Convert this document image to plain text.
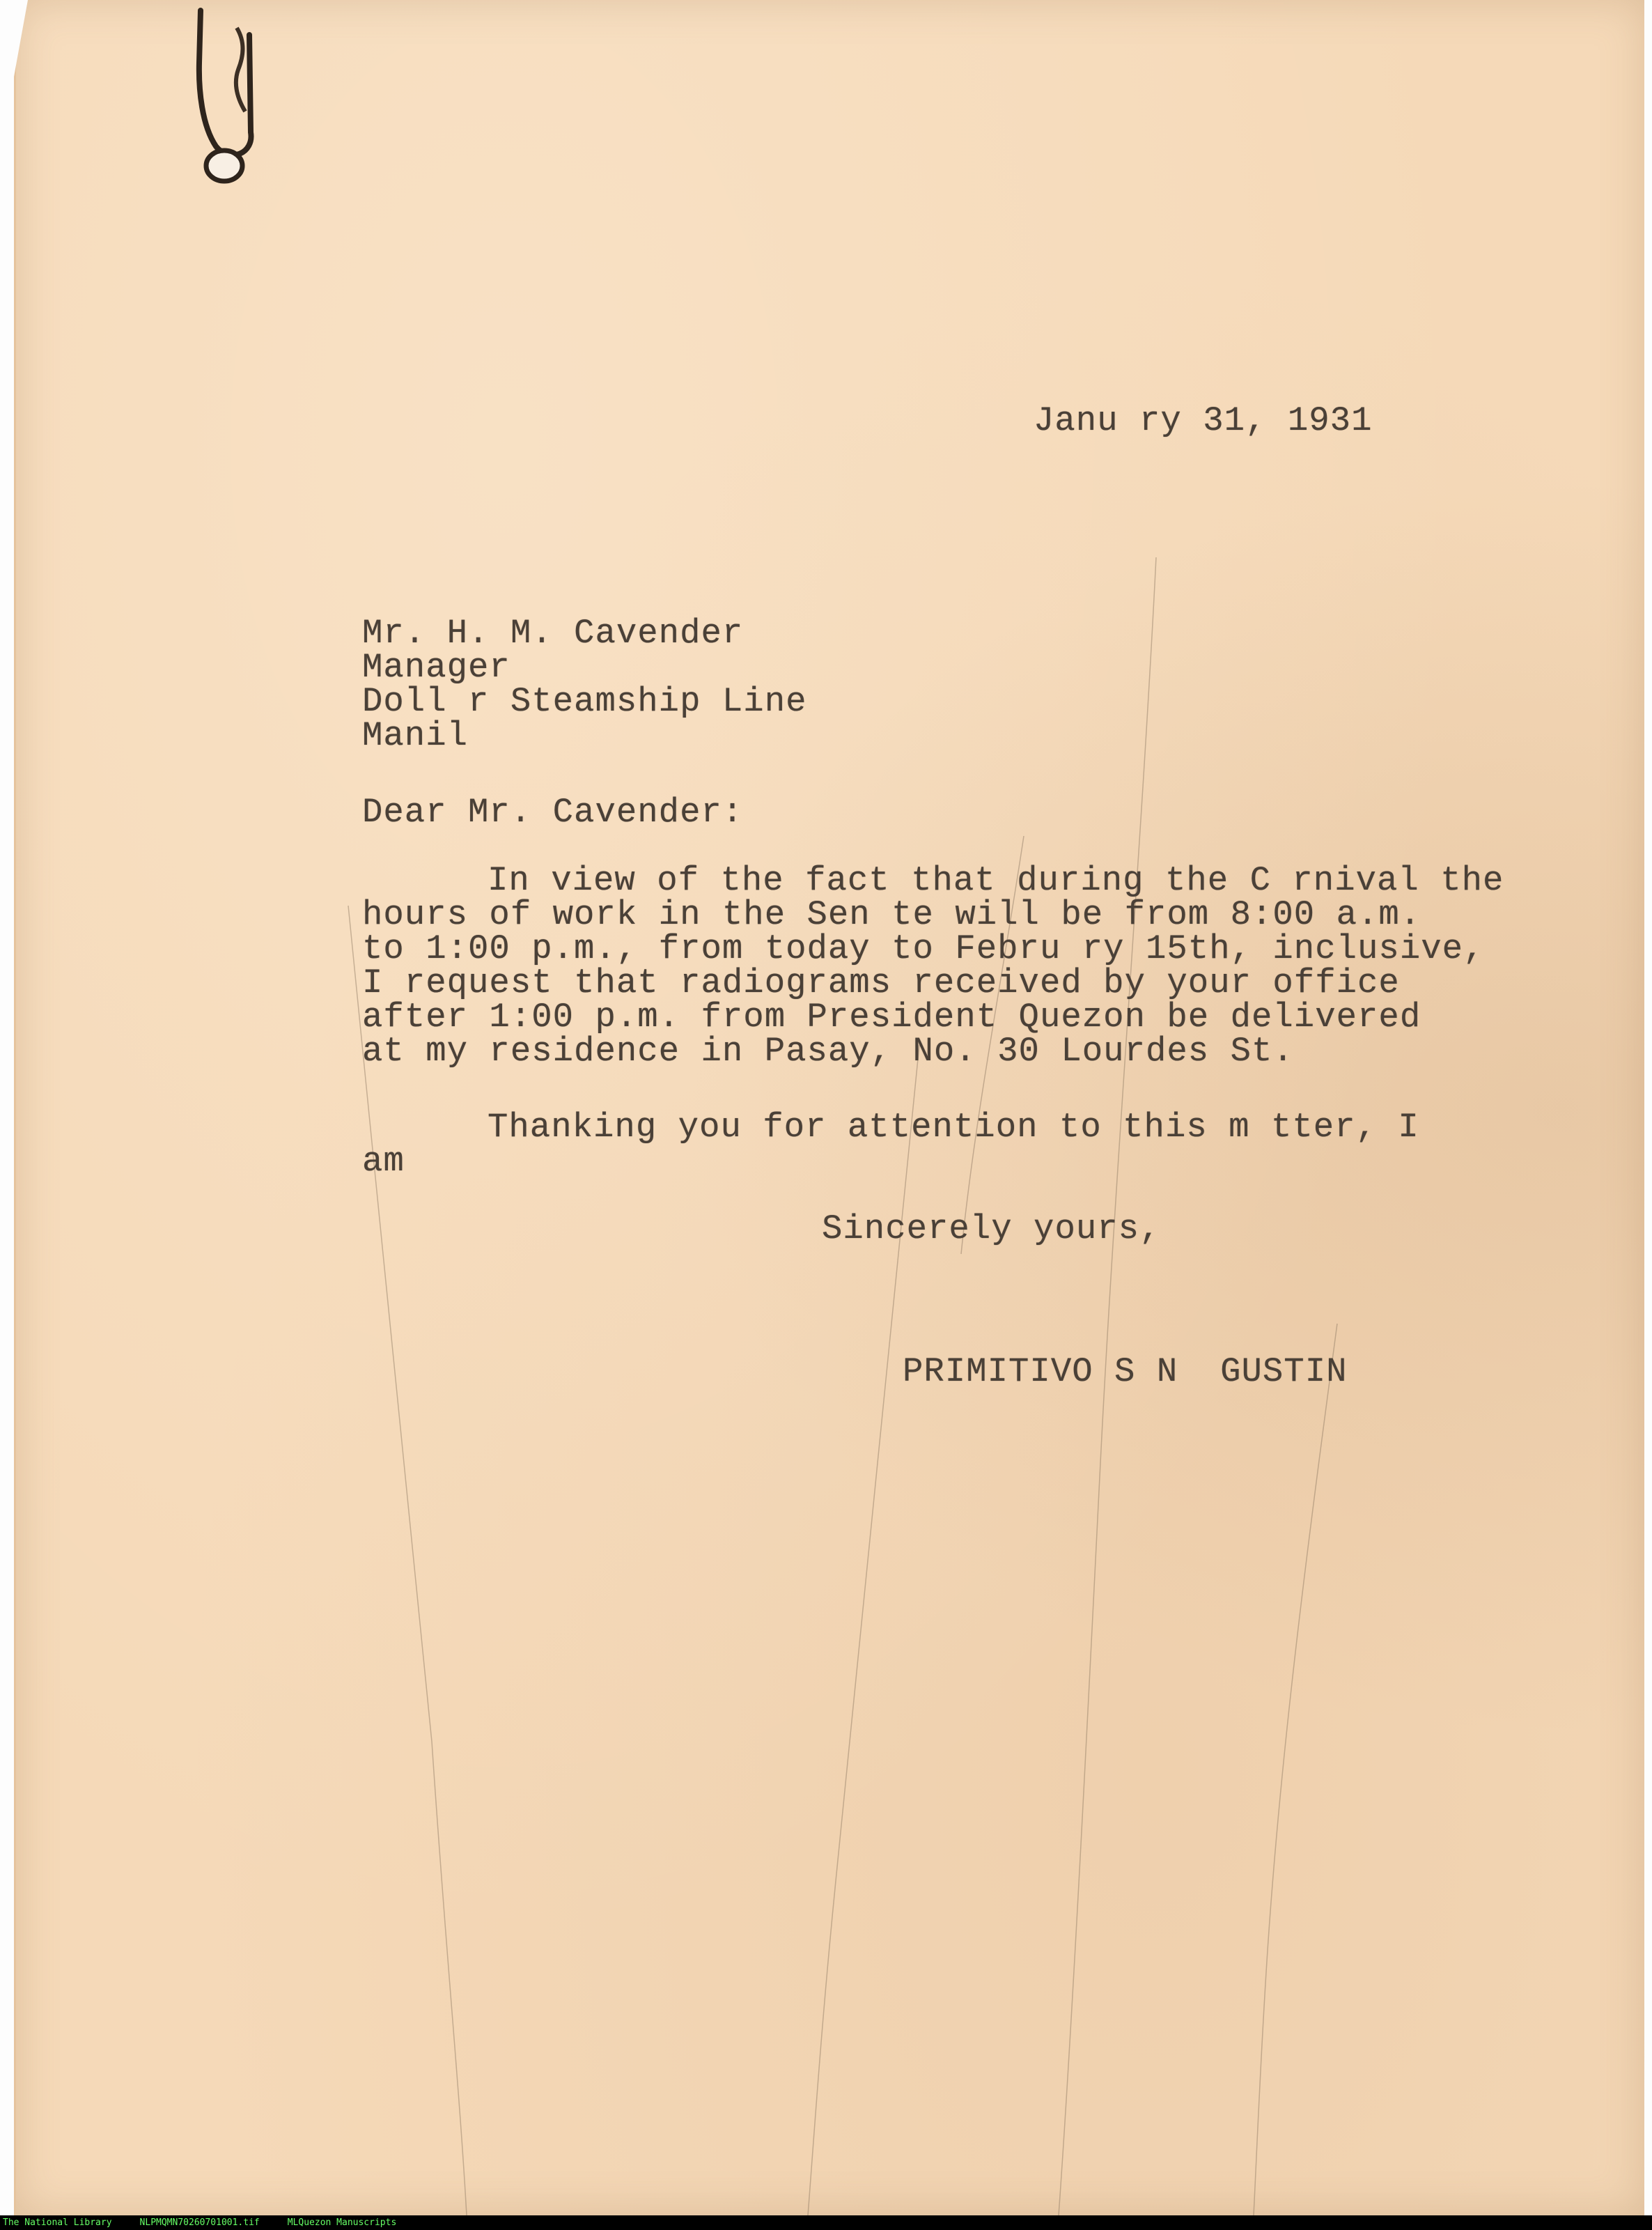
Janu ry 31, 1931
Mr. H. M. Cavender
Manager
Doll r Steamship Line
Manil
Dear Mr. Cavender:
In view of the fact that during the C rnival the
hours of work in the Sen te will be from 8:00 a.m.
to 1:00 p.m., from today to Febru ry 15th, inclusive,
I request that radiograms received by your office
after 1:00 p.m. from President Quezon be delivered
at my residence in Pasay, No. 30 Lourdes St.
Thanking you for attention to this m tter, I
am
Sincerely yours,
PRIMITIVO S N  GUSTIN
The National Library	NLPMQMN70260701001.tif	MLQuezon Manuscripts
